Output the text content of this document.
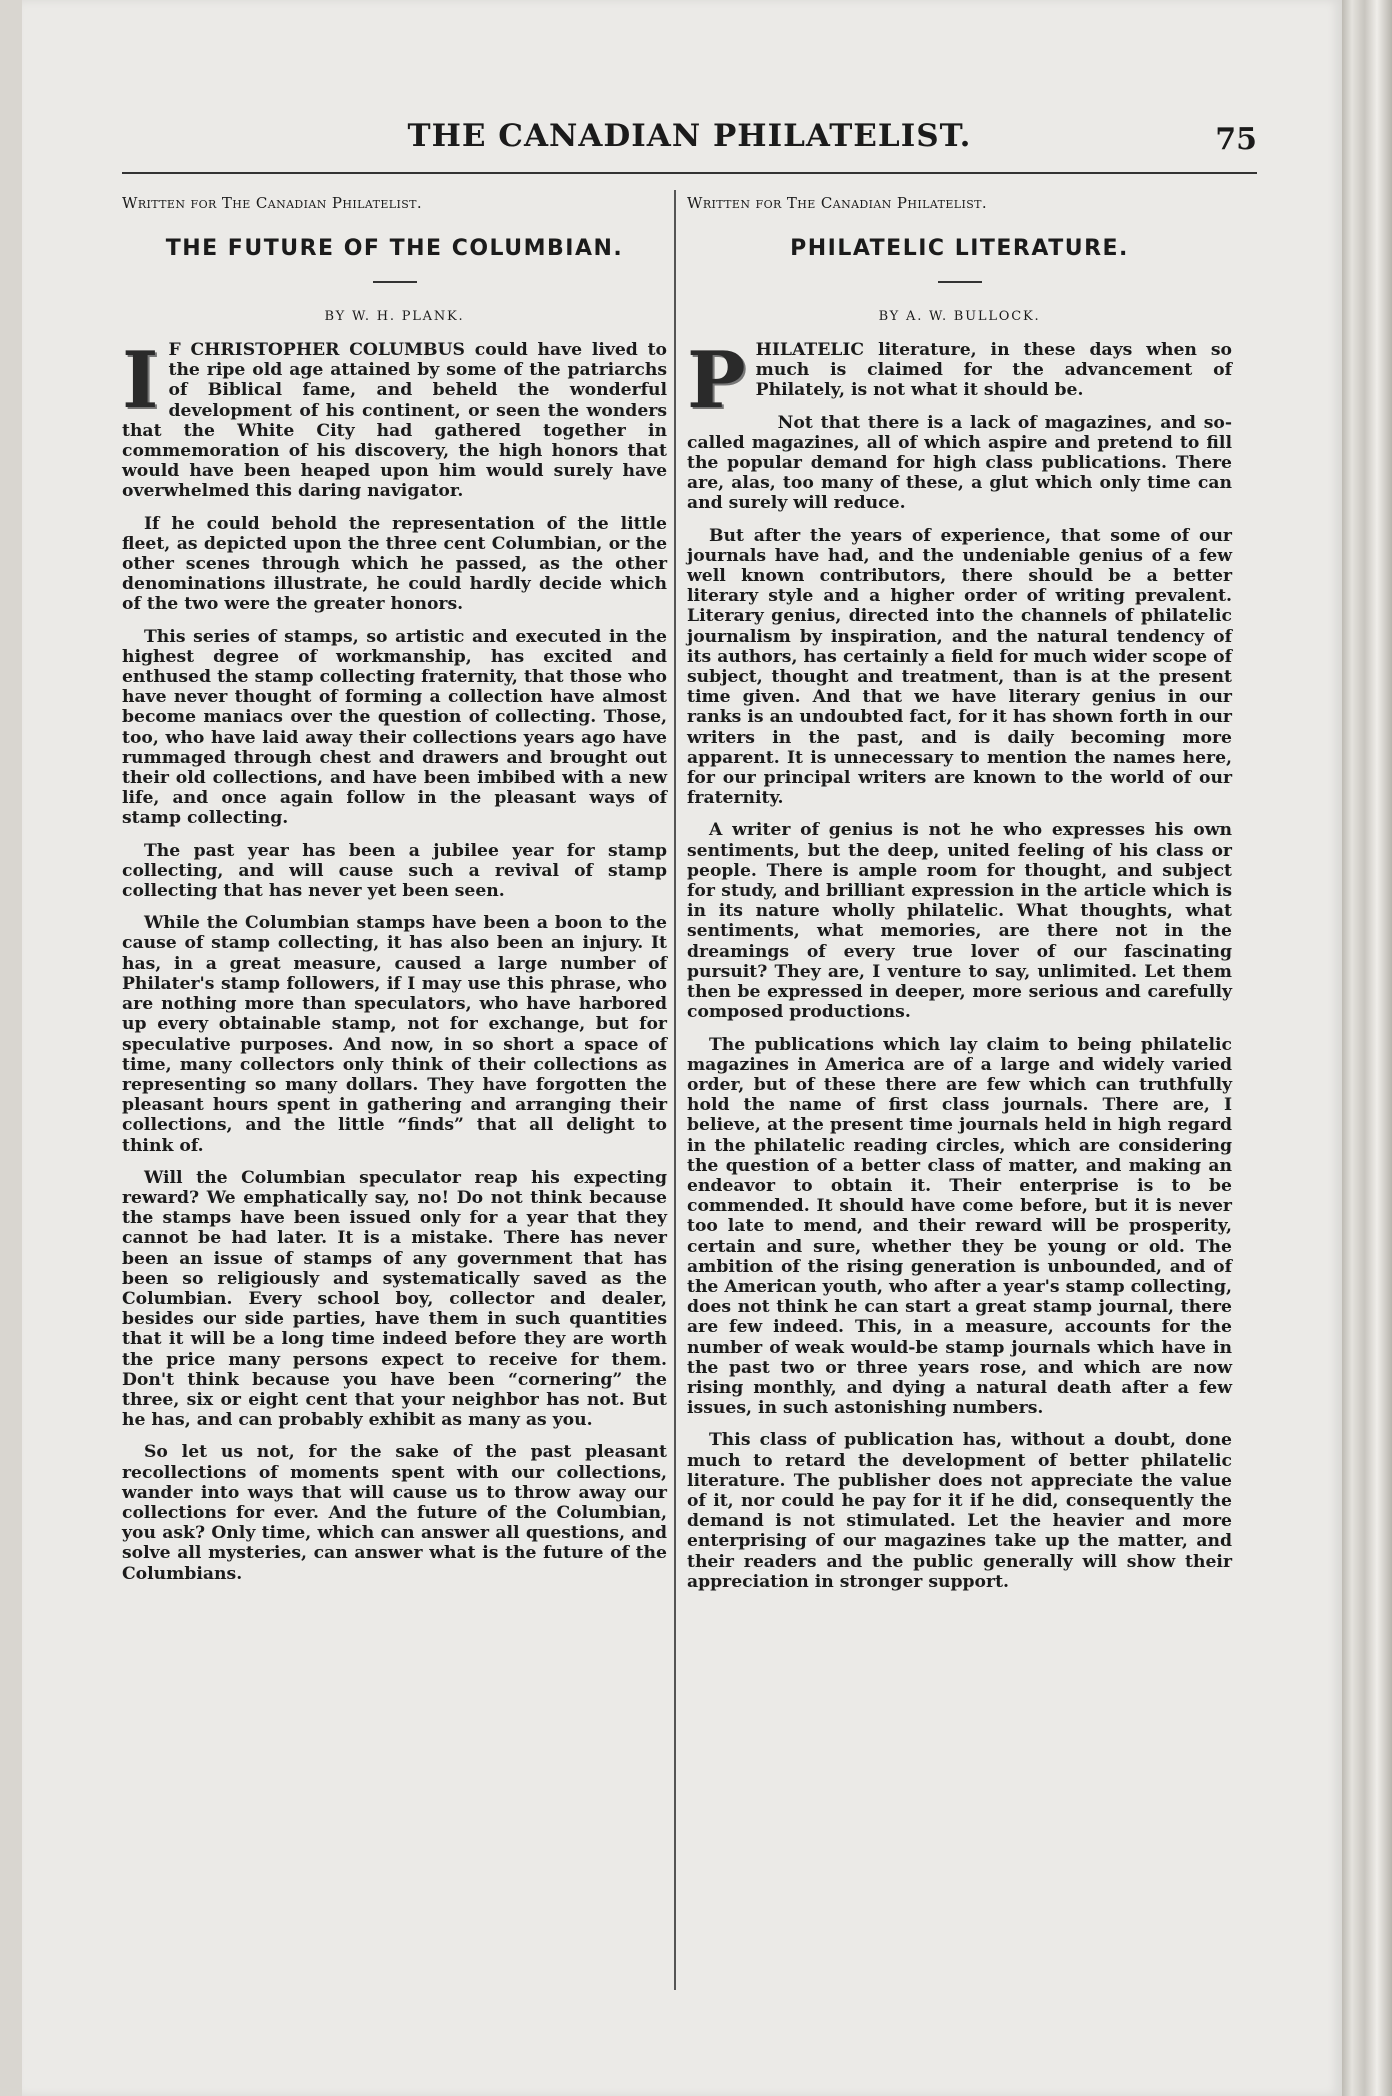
THE CANADIAN PHILATELIST.	75
Written for The Canadian Philatelist.
THE FUTURE OF THE COLUMBIAN.
BY W. H. PLANK.

I F CHRISTOPHER COLUMBUS could have lived to the ripe old age attained by some of the patriarchs of Biblical fame, and beheld the wonderful development of his continent, or seen the wonders that the White City had gathered together in commemoration of his discovery, the high honors that would have been heaped upon him would surely have overwhelmed this daring navigator.

If he could behold the representation of the little fleet, as depicted upon the three cent Columbian, or the other scenes through which he passed, as the other denominations illustrate, he could hardly decide which of the two were the greater honors.

This series of stamps, so artistic and executed in the highest degree of workmanship, has excited and enthused the stamp collecting fraternity, that those who have never thought of forming a collection have almost become maniacs over the question of collecting. Those, too, who have laid away their collections years ago have rummaged through chest and drawers and brought out their old collections, and have been imbibed with a new life, and once again follow in the pleasant ways of stamp collecting.

The past year has been a jubilee year for stamp collecting, and will cause such a revival of stamp collecting that has never yet been seen.

While the Columbian stamps have been a boon to the cause of stamp collecting, it has also been an injury. It has, in a great measure, caused a large number of Philater's stamp followers, if I may use this phrase, who are nothing more than speculators, who have harbored up every obtainable stamp, not for exchange, but for speculative purposes. And now, in so short a space of time, many collectors only think of their collections as representing so many dollars. They have forgotten the pleasant hours spent in gathering and arranging their collections, and the little “finds” that all delight to think of.

Will the Columbian speculator reap his expecting reward? We emphatically say, no! Do not think because the stamps have been issued only for a year that they cannot be had later. It is a mistake. There has never been an issue of stamps of any government that has been so religiously and systematically saved as the Columbian. Every school boy, collector and dealer, besides our side parties, have them in such quantities that it will be a long time indeed before they are worth the price many persons expect to receive for them. Don't think because you have been “cornering” the three, six or eight cent that your neighbor has not. But he has, and can probably exhibit as many as you.

So let us not, for the sake of the past pleasant recollections of moments spent with our collections, wander into ways that will cause us to throw away our collections for ever. And the future of the Columbian, you ask? Only time, which can answer all questions, and solve all mysteries, can answer what is the future of the Columbians.

Written for The Canadian Philatelist.
PHILATELIC LITERATURE.
BY A. W. BULLOCK.

PHILATELIC literature, in these days when so much is claimed for the advancement of Philately, is not what it should be.

Not that there is a lack of magazines, and so-called magazines, all of which aspire and pretend to fill the popular demand for high class publications. There are, alas, too many of these, a glut which only time can and surely will reduce.

But after the years of experience, that some of our journals have had, and the undeniable genius of a few well known contributors, there should be a better literary style and a higher order of writing prevalent. Literary genius, directed into the channels of philatelic journalism by inspiration, and the natural tendency of its authors, has certainly a field for much wider scope of subject, thought and treatment, than is at the present time given. And that we have literary genius in our ranks is an undoubted fact, for it has shown forth in our writers in the past, and is daily becoming more apparent. It is unnecessary to mention the names here, for our principal writers are known to the world of our fraternity.

A writer of genius is not he who expresses his own sentiments, but the deep, united feeling of his class or people. There is ample room for thought, and subject for study, and brilliant expression in the article which is in its nature wholly philatelic. What thoughts, what sentiments, what memories, are there not in the dreamings of every true lover of our fascinating pursuit? They are, I venture to say, unlimited. Let them then be expressed in deeper, more serious and carefully composed productions.

The publications which lay claim to being philatelic magazines in America are of a large and widely varied order, but of these there are few which can truthfully hold the name of first class journals. There are, I believe, at the present time journals held in high regard in the philatelic reading circles, which are considering the question of a better class of matter, and making an endeavor to obtain it. Their enterprise is to be commended. It should have come before, but it is never too late to mend, and their reward will be prosperity, certain and sure, whether they be young or old. The ambition of the rising generation is unbounded, and of the American youth, who after a year's stamp collecting, does not think he can start a great stamp journal, there are few indeed. This, in a measure, accounts for the number of weak would-be stamp journals which have in the past two or three years rose, and which are now rising monthly, and dying a natural death after a few issues, in such astonishing numbers.

This class of publication has, without a doubt, done much to retard the development of better philatelic literature. The publisher does not appreciate the value of it, nor could he pay for it if he did, consequently the demand is not stimulated. Let the heavier and more enterprising of our magazines take up the matter, and their readers and the public generally will show their appreciation in stronger support.
